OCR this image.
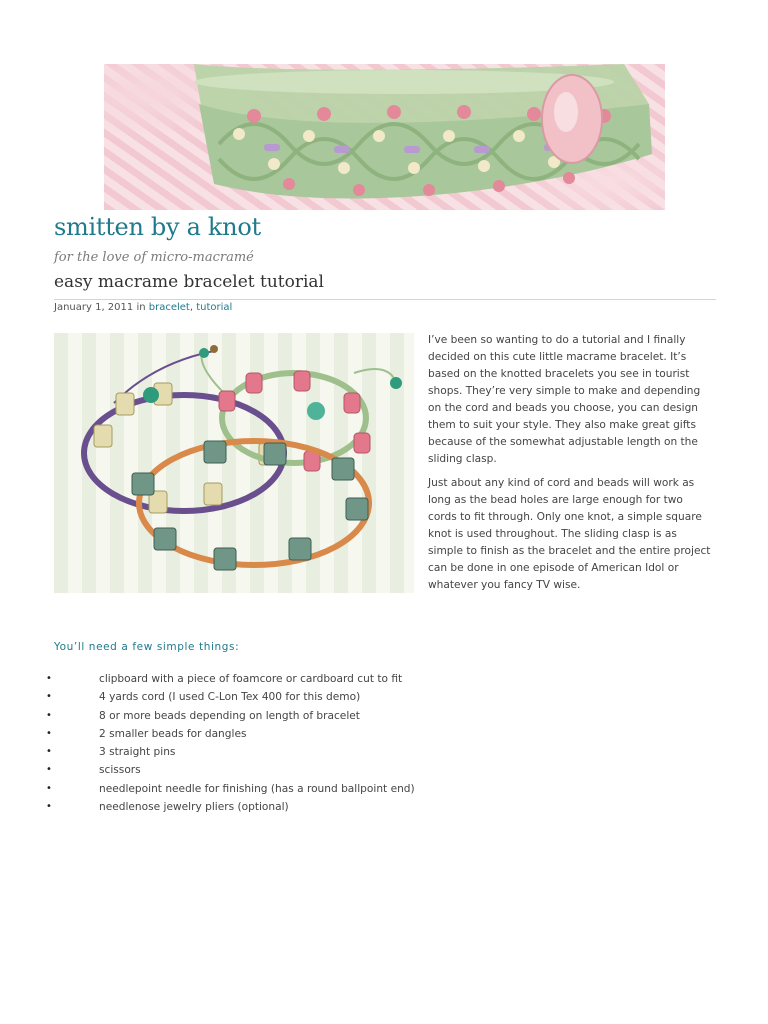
smitten by a knot

for the love of micro-macramé

easy macrame bracelet tutorial
January 1, 2011 in bracelet, tutorial

I’ve been so wanting to do a tutorial and I finally decided on this cute little macrame bracelet. It’s based on the knotted bracelets you see in tourist shops. They’re very simple to make and depending on the cord and beads you choose, you can design them to suit your style. They also make great gifts because of the somewhat adjustable length on the sliding clasp.

Just about any kind of cord and beads will work as long as the bead holes are large enough for two cords to fit through. Only one knot, a simple square knot is used throughout. The sliding clasp is as simple to finish as the bracelet and the entire project can be done in one episode of American Idol or whatever you fancy TV wise.

You’ll need a few simple things:
•	clipboard with a piece of foamcore or cardboard cut to fit
•	4 yards cord (I used C-Lon Tex 400 for this demo)
•	8 or more beads depending on length of bracelet
•	2 smaller beads for dangles
•	3 straight pins
•	scissors
•	needlepoint needle for finishing (has a round ballpoint end)
•	needlenose jewelry pliers (optional)
